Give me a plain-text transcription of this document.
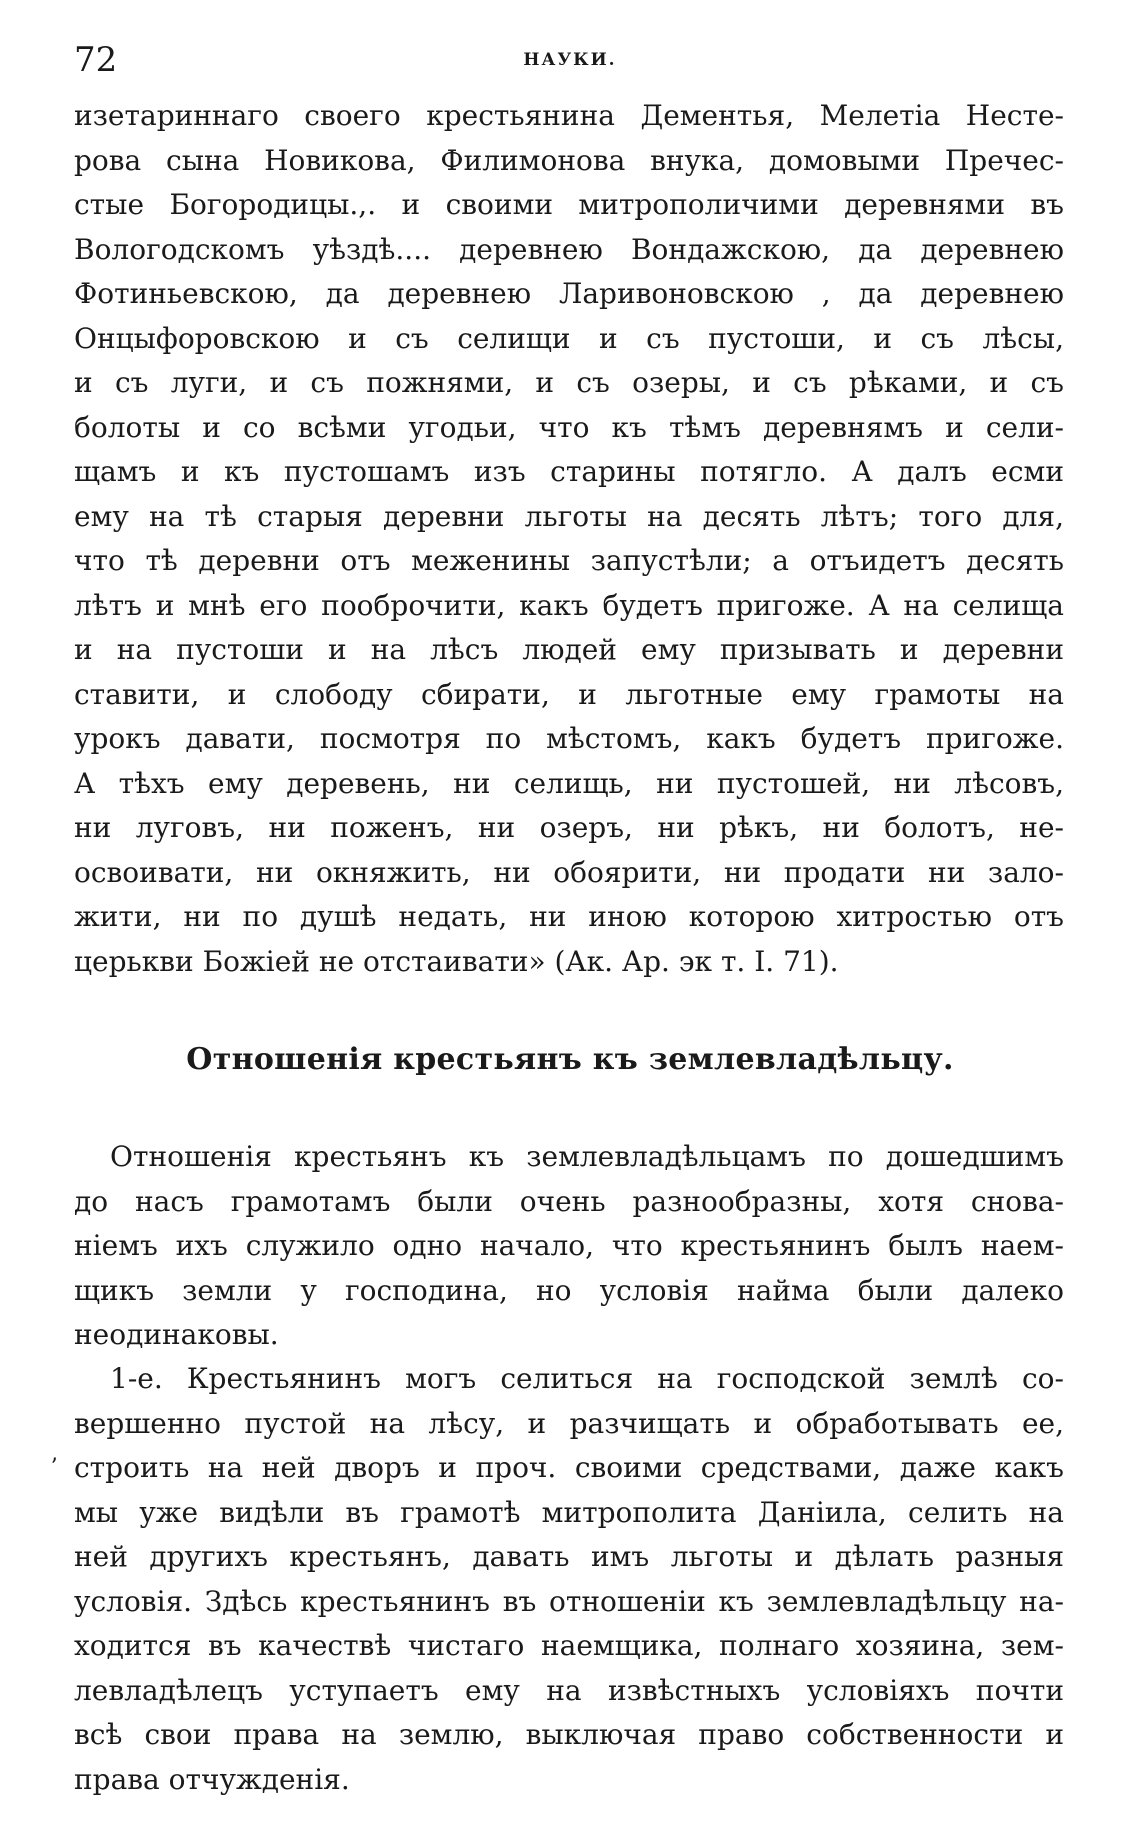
72	НАУКИ.
изетариннаго своего крестьянина Дементья, Мелетіа Несте-
рова сына Новикова, Филимонова внука, домовыми Пречес-
стые Богородицы.,. и своими митрополичими деревнями въ
Вологодскомъ уѣздѣ.... деревнею Вондажскою, да деревнею
Фотиньевскою, да деревнею Ларивоновскою , да деревнею
Онцыфоровскою и съ селищи и съ пустоши, и съ лѣсы,
и съ луги, и съ пожнями, и съ озеры, и съ рѣками, и съ
болоты и со всѣми угодьи, что къ тѣмъ деревнямъ и сели-
щамъ и къ пустошамъ изъ старины потягло. А далъ есми
ему на тѣ старыя деревни льготы на десять лѣтъ; того для,
что тѣ деревни отъ меженины запустѣли; а отъидетъ десять
лѣтъ и мнѣ его пооброчити, какъ будетъ пригоже. А на селища
и на пустоши и на лѣсъ людей ему призывать и деревни
ставити, и слободу сбирати, и льготные ему грамоты на
урокъ давати, посмотря по мѣстомъ, какъ будетъ пригоже.
А тѣхъ ему деревень, ни селищь, ни пустошей, ни лѣсовъ,
ни луговъ, ни поженъ, ни озеръ, ни рѣкъ, ни болотъ, не-
освоивати, ни окняжить, ни обоярити, ни продати ни зало-
жити, ни по душѣ недать, ни иною которою хитростью отъ
церькви Божіей не отстаивати» (Ак. Ар. эк т. I. 71).
Отношенія крестьянъ къ землевладѣльцу.
Отношенія крестьянъ къ землевладѣльцамъ по дошедшимъ
до насъ грамотамъ были очень разнообразны, хотя снова-
ніемъ ихъ служило одно начало, что крестьянинъ былъ наем-
щикъ земли у господина, но условія найма были далеко
неодинаковы.
1-е. Крестьянинъ могъ селиться на господской землѣ со-
вершенно пустой на лѣсу, и разчищать и обработывать ее,
строить на ней дворъ и проч. своими средствами, даже какъ
мы уже видѣли въ грамотѣ митрополита Даніила, селить на
ней другихъ крестьянъ, давать имъ льготы и дѣлать разныя
условія. Здѣсь крестьянинъ въ отношеніи къ землевладѣльцу на-
ходится въ качествѣ чистаго наемщика, полнаго хозяина, зем-
левладѣлецъ уступаетъ ему на извѣстныхъ условіяхъ почти
всѣ свои права на землю, выключая право собственности и
права отчужденія.
ʼ
